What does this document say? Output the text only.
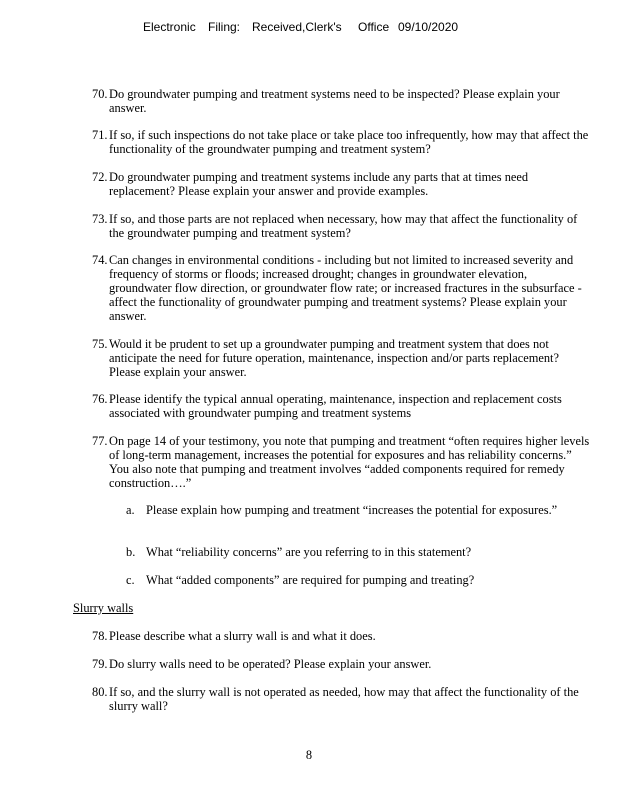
Electronic Filing: Received,Clerk's Office 09/10/2020
70. Do groundwater pumping and treatment systems need to be inspected? Please explain your answer.
71. If so, if such inspections do not take place or take place too infrequently, how may that affect the functionality of the groundwater pumping and treatment system?
72. Do groundwater pumping and treatment systems include any parts that at times need replacement? Please explain your answer and provide examples.
73. If so, and those parts are not replaced when necessary, how may that affect the functionality of the groundwater pumping and treatment system?
74. Can changes in environmental conditions - including but not limited to increased severity and frequency of storms or floods; increased drought; changes in groundwater elevation, groundwater flow direction, or groundwater flow rate; or increased fractures in the subsurface - affect the functionality of groundwater pumping and treatment systems? Please explain your answer.
75. Would it be prudent to set up a groundwater pumping and treatment system that does not anticipate the need for future operation, maintenance, inspection and/or parts replacement? Please explain your answer.
76. Please identify the typical annual operating, maintenance, inspection and replacement costs associated with groundwater pumping and treatment systems
77. On page 14 of your testimony, you note that pumping and treatment “often requires higher levels of long-term management, increases the potential for exposures and has reliability concerns.” You also note that pumping and treatment involves “added components required for remedy construction….”
a. Please explain how pumping and treatment “increases the potential for exposures.”
b. What “reliability concerns” are you referring to in this statement?
c. What “added components” are required for pumping and treating?
Slurry walls
78. Please describe what a slurry wall is and what it does.
79. Do slurry walls need to be operated? Please explain your answer.
80. If so, and the slurry wall is not operated as needed, how may that affect the functionality of the slurry wall?
8
